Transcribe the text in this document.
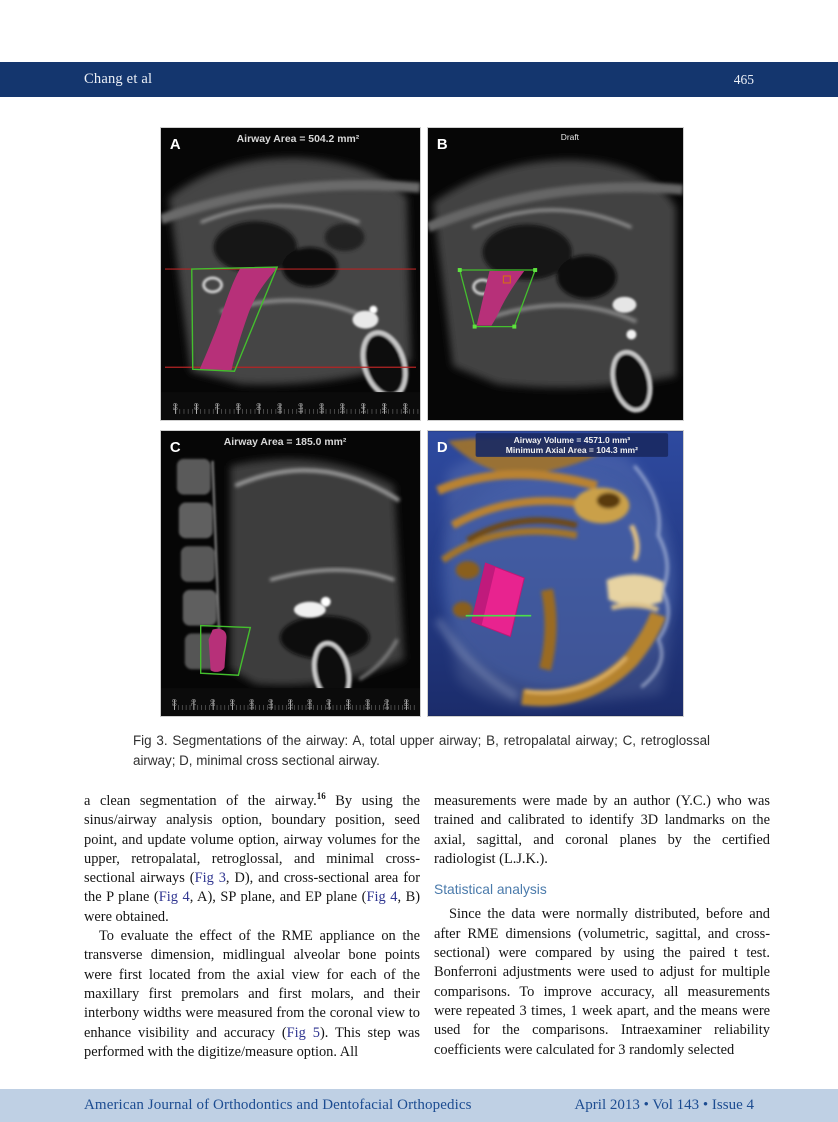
Chang et al	465
50 60 70 80 90 100 110 120 130 140 150 160
A	Airway Area = 504.2 mm²	B	Draft
60 70 80 90 100 110 120 130 140 150 160 170 180
C	Airway Area = 185.0 mm²	Airway Volume = 4571.0 mm³
Minimum Axial Area = 104.3 mm²
D
Fig 3. Segmentations of the airway: A, total upper airway; B, retropalatal airway; C, retroglossal airway; D, minimal cross sectional airway.

a clean segmentation of the airway.$^{16}$ By using the sinus/airway analysis option, boundary position, seed point, and update volume option, airway volumes for the upper, retropalatal, retroglossal, and minimal cross-sectional airways (Fig 3, D), and cross-sectional area for the P plane (Fig 4, A), SP plane, and EP plane (Fig 4, B) were obtained.

To evaluate the effect of the RME appliance on the transverse dimension, midlingual alveolar bone points were first located from the axial view for each of the maxillary first premolars and first molars, and their interbony widths were measured from the coronal view to enhance visibility and accuracy (Fig 5). This step was performed with the digitize/measure option. All

measurements were made by an author (Y.C.) who was trained and calibrated to identify 3D landmarks on the axial, sagittal, and coronal planes by the certified radiologist (L.J.K.).

Statistical analysis

Since the data were normally distributed, before and after RME dimensions (volumetric, sagittal, and cross-sectional) were compared by using the paired t test. Bonferroni adjustments were used to adjust for multiple comparisons. To improve accuracy, all measurements were repeated 3 times, 1 week apart, and the means were used for the comparisons. Intraexaminer reliability coefficients were calculated for 3 randomly selected

American Journal of Orthodontics and Dentofacial Orthopedics	April 2013 • Vol 143 • Issue 4
